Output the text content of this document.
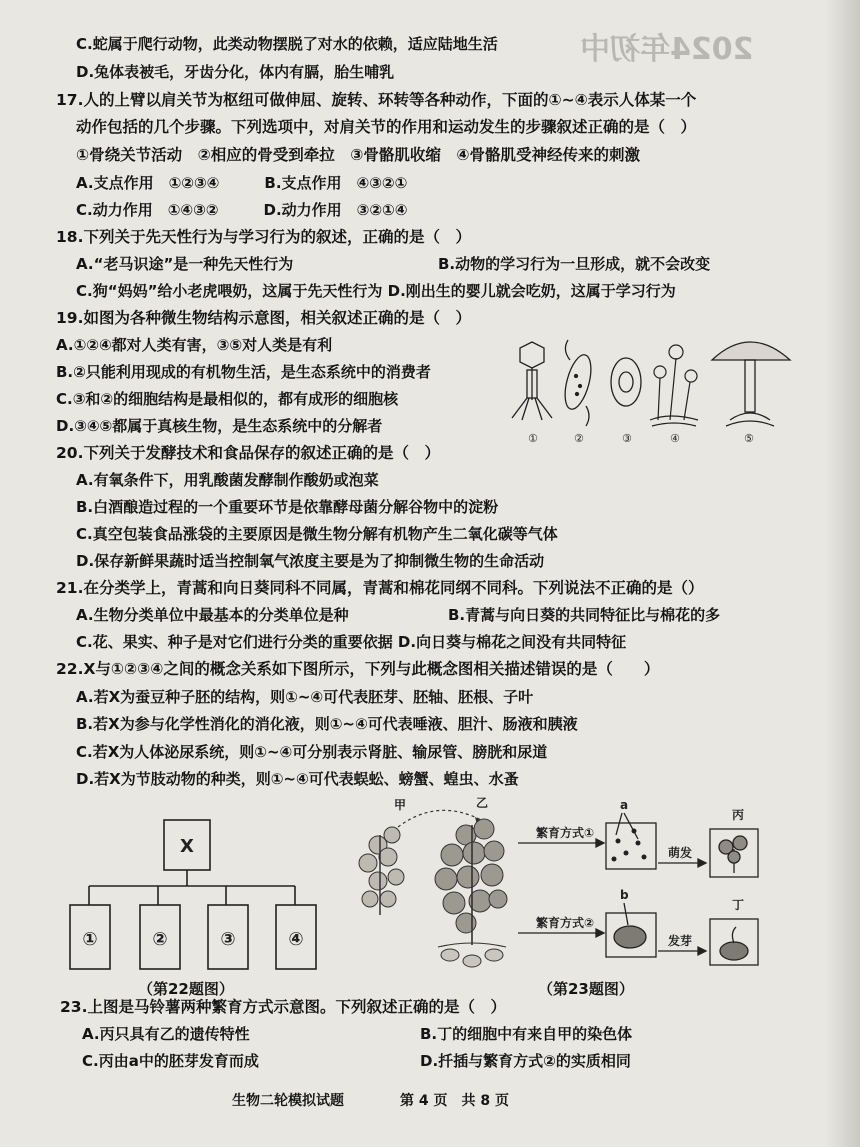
2024年初中
C.蛇属于爬行动物，此类动物摆脱了对水的依赖，适应陆地生活
D.兔体表被毛，牙齿分化，体内有膈，胎生哺乳
17.人的上臂以肩关节为枢纽可做伸屈、旋转、环转等各种动作，下面的①~④表示人体某一个
动作包括的几个步骤。下列选项中，对肩关节的作用和运动发生的步骤叙述正确的是（　）
①骨绕关节活动　②相应的骨受到牵拉　③骨骼肌收缩　④骨骼肌受神经传来的刺激
A.支点作用　①②③④　　　B.支点作用　④③②①
C.动力作用　①④③②　　　D.动力作用　③②①④
18.下列关于先天性行为与学习行为的叙述，正确的是（　）
A.“老马识途”是一种先天性行为	B.动物的学习行为一旦形成，就不会改变
C.狗“妈妈”给小老虎喂奶，这属于先天性行为 D.刚出生的婴儿就会吃奶，这属于学习行为
19.如图为各种微生物结构示意图，相关叙述正确的是（　）
A.①②④都对人类有害，③⑤对人类是有利
B.②只能利用现成的有机物生活，是生态系统中的消费者
C.③和②的细胞结构是最相似的，都有成形的细胞核
D.③④⑤都属于真核生物，是生态系统中的分解者
20.下列关于发酵技术和食品保存的叙述正确的是（　）
A.有氧条件下，用乳酸菌发酵制作酸奶或泡菜
B.白酒酿造过程的一个重要环节是依靠酵母菌分解谷物中的淀粉
C.真空包装食品涨袋的主要原因是微生物分解有机物产生二氧化碳等气体
D.保存新鲜果蔬时适当控制氧气浓度主要是为了抑制微生物的生命活动
21.在分类学上，青蒿和向日葵同科不同属，青蒿和棉花同纲不同科。下列说法不正确的是（）
A.生物分类单位中最基本的分类单位是种	B.青蒿与向日葵的共同特征比与棉花的多
C.花、果实、种子是对它们进行分类的重要依据 D.向日葵与棉花之间没有共同特征
22.X与①②③④之间的概念关系如下图所示，下列与此概念图相关描述错误的是（　　）
A.若X为蚕豆种子胚的结构，则①~④可代表胚芽、胚轴、胚根、子叶
B.若X为参与化学性消化的消化液，则①~④可代表唾液、胆汁、肠液和胰液
C.若X为人体泌尿系统，则①~④可分别表示肾脏、输尿管、膀胱和尿道
D.若X为节肢动物的种类，则①~④可代表蜈蚣、螃蟹、蝗虫、水蚤
23.上图是马铃薯两种繁育方式示意图。下列叙述正确的是（　）
A.丙只具有乙的遗传特性	B.丁的细胞中有来自甲的染色体
C.丙由a中的胚芽发育而成	D.扦插与繁育方式②的实质相同
①	②	③	④	⑤
X
①	②	③	④
（第22题图）
甲	乙
繁育方式①
繁育方式②
a
b
萌发
发芽
丙
丁
（第23题图）
生物二轮模拟试题	第 4 页　共 8 页
